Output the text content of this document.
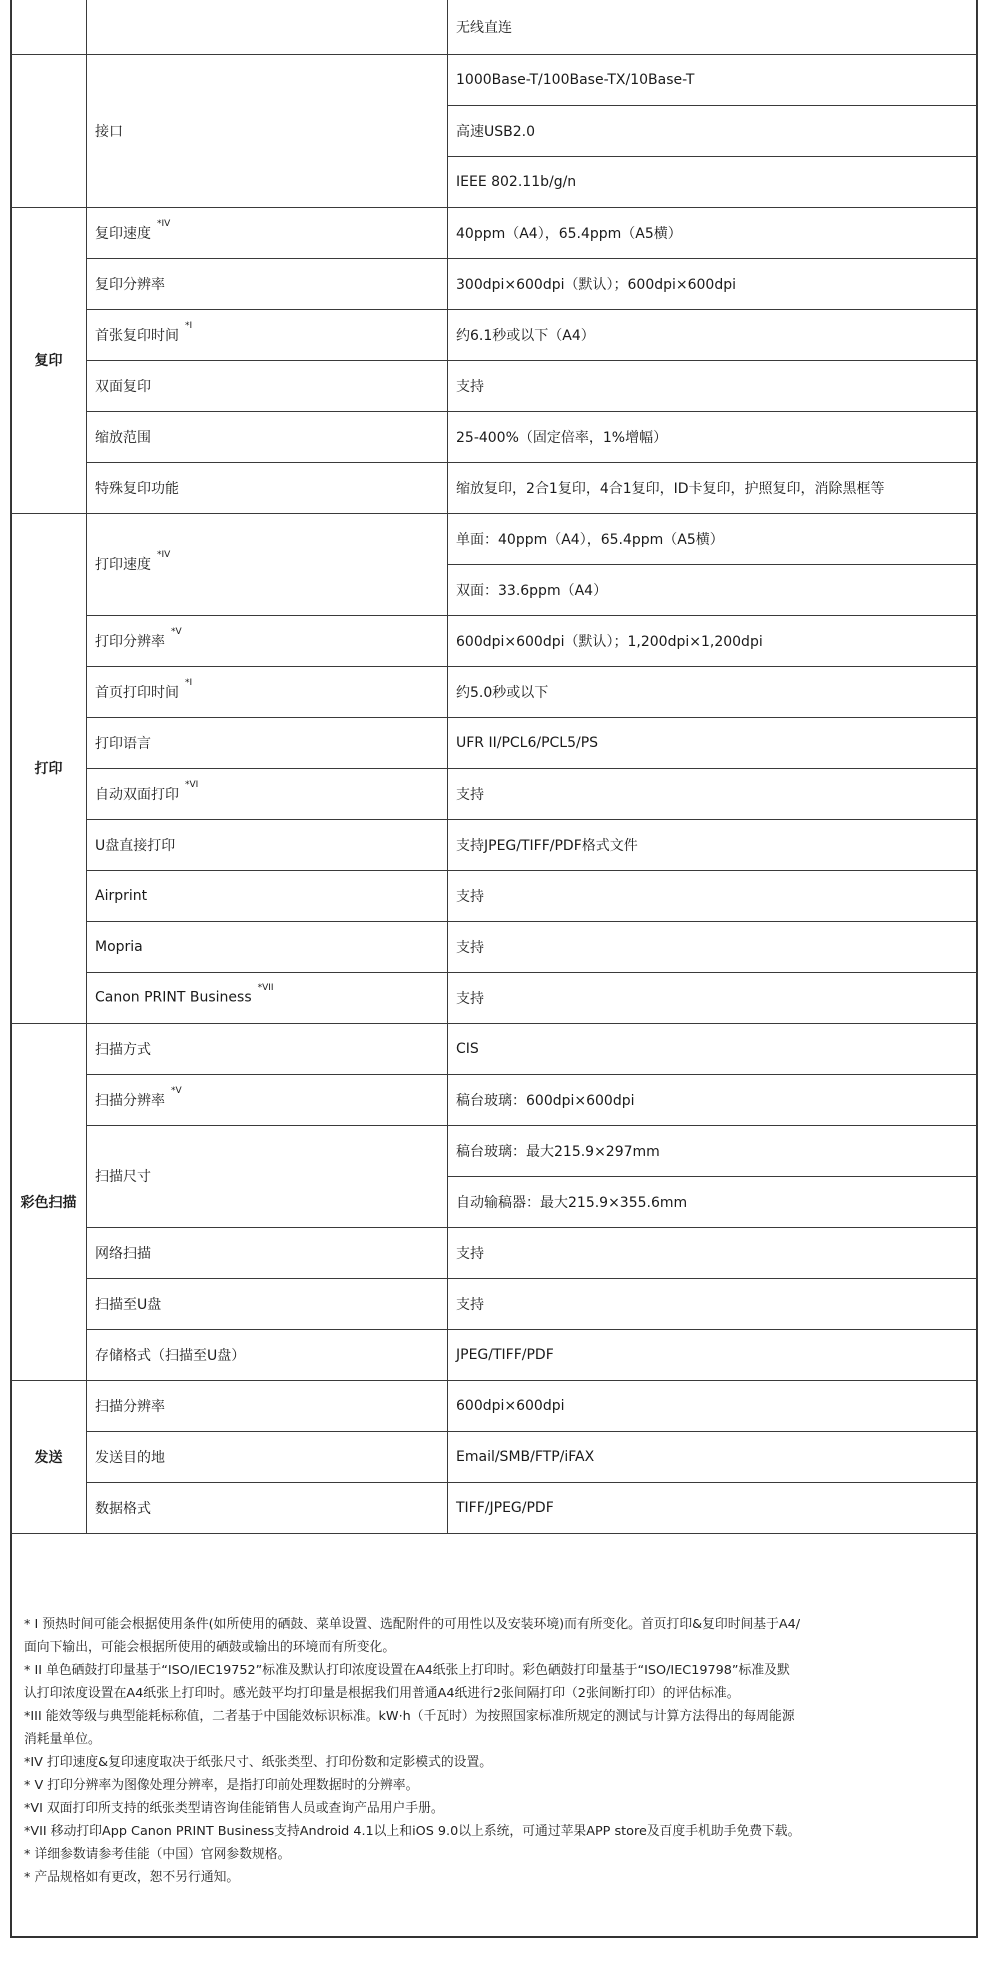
		无线直连
	接口	1000Base-T/100Base-TX/10Base-T
		高速USB2.0
		IEEE 802.11b/g/n
复印	复印速度$^{*IV}$	40ppm（A4），65.4ppm（A5横）
	复印分辨率	300dpi×600dpi（默认）；600dpi×600dpi
	首张复印时间$^{*I}$	约6.1秒或以下（A4）
	双面复印	支持
	缩放范围	25-400%（固定倍率，1%增幅）
	特殊复印功能	缩放复印，2合1复印，4合1复印，ID卡复印，护照复印，消除黑框等
打印	打印速度$^{*IV}$	单面：40ppm（A4），65.4ppm（A5横）
		双面：33.6ppm（A4）
	打印分辨率$^{*V}$	600dpi×600dpi（默认）；1,200dpi×1,200dpi
	首页打印时间$^{*I}$	约5.0秒或以下
	打印语言	UFR II/PCL6/PCL5/PS
	自动双面打印$^{*VI}$	支持
	U盘直接打印	支持JPEG/TIFF/PDF格式文件
	Airprint	支持
	Mopria	支持
	Canon PRINT Business$^{*VII}$	支持
彩色扫描	扫描方式	CIS
	扫描分辨率$^{*V}$	稿台玻璃：600dpi×600dpi
	扫描尺寸	稿台玻璃：最大215.9×297mm
		自动输稿器：最大215.9×355.6mm
	网络扫描	支持
	扫描至U盘	支持
	存储格式（扫描至U盘）	JPEG/TIFF/PDF
发送	扫描分辨率	600dpi×600dpi
	发送目的地	Email/SMB/FTP/iFAX
	数据格式	TIFF/JPEG/PDF

* I 预热时间可能会根据使用条件(如所使用的硒鼓、菜单设置、选配附件的可用性以及安装环境)而有所变化。首页打印&复印时间基于A4/

面向下输出，可能会根据所使用的硒鼓或输出的环境而有所变化。

* II 单色硒鼓打印量基于“ISO/IEC19752”标准及默认打印浓度设置在A4纸张上打印时。彩色硒鼓打印量基于“ISO/IEC19798”标准及默

认打印浓度设置在A4纸张上打印时。感光鼓平均打印量是根据我们用普通A4纸进行2张间隔打印（2张间断打印）的评估标准。

*III 能效等级与典型能耗标称值，二者基于中国能效标识标准。kW·h（千瓦时）为按照国家标准所规定的测试与计算方法得出的每周能源

消耗量单位。

*IV 打印速度&复印速度取决于纸张尺寸、纸张类型、打印份数和定影模式的设置。

* V 打印分辨率为图像处理分辨率，是指打印前处理数据时的分辨率。

*VI 双面打印所支持的纸张类型请咨询佳能销售人员或查询产品用户手册。

*VII 移动打印App Canon PRINT Business支持Android 4.1以上和iOS 9.0以上系统，可通过苹果APP store及百度手机助手免费下载。

* 详细参数请参考佳能（中国）官网参数规格。

* 产品规格如有更改，恕不另行通知。
